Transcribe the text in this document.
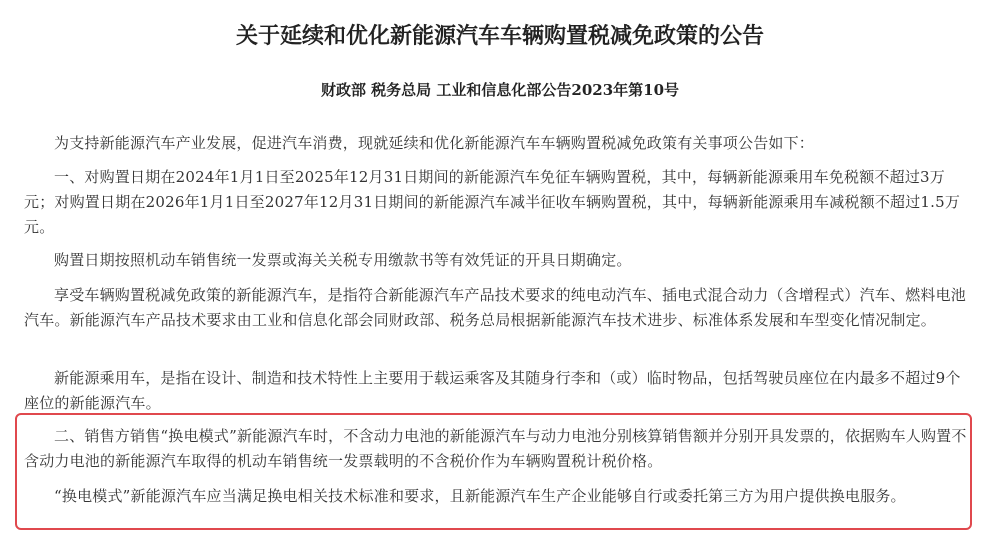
关于延续和优化新能源汽车车辆购置税减免政策的公告

财政部 税务总局 工业和信息化部公告2023年第10号

为支持新能源汽车产业发展，促进汽车消费，现就延续和优化新能源汽车车辆购置税减免政策有关事项公告如下：

一、对购置日期在2024年1月1日至2025年12月31日期间的新能源汽车免征车辆购置税，其中，每辆新能源乘用车免税额不超过3万元；对购置日期在2026年1月1日至2027年12月31日期间的新能源汽车减半征收车辆购置税，其中，每辆新能源乘用车减税额不超过1.5万元。

购置日期按照机动车销售统一发票或海关关税专用缴款书等有效凭证的开具日期确定。

享受车辆购置税减免政策的新能源汽车，是指符合新能源汽车产品技术要求的纯电动汽车、插电式混合动力（含增程式）汽车、燃料电池汽车。新能源汽车产品技术要求由工业和信息化部会同财政部、税务总局根据新能源汽车技术进步、标准体系发展和车型变化情况制定。

新能源乘用车，是指在设计、制造和技术特性上主要用于载运乘客及其随身行李和（或）临时物品，包括驾驶员座位在内最多不超过9个座位的新能源汽车。

二、销售方销售“换电模式”新能源汽车时，不含动力电池的新能源汽车与动力电池分别核算销售额并分别开具发票的，依据购车人购置不含动力电池的新能源汽车取得的机动车销售统一发票载明的不含税价作为车辆购置税计税价格。

“换电模式”新能源汽车应当满足换电相关技术标准和要求，且新能源汽车生产企业能够自行或委托第三方为用户提供换电服务。
